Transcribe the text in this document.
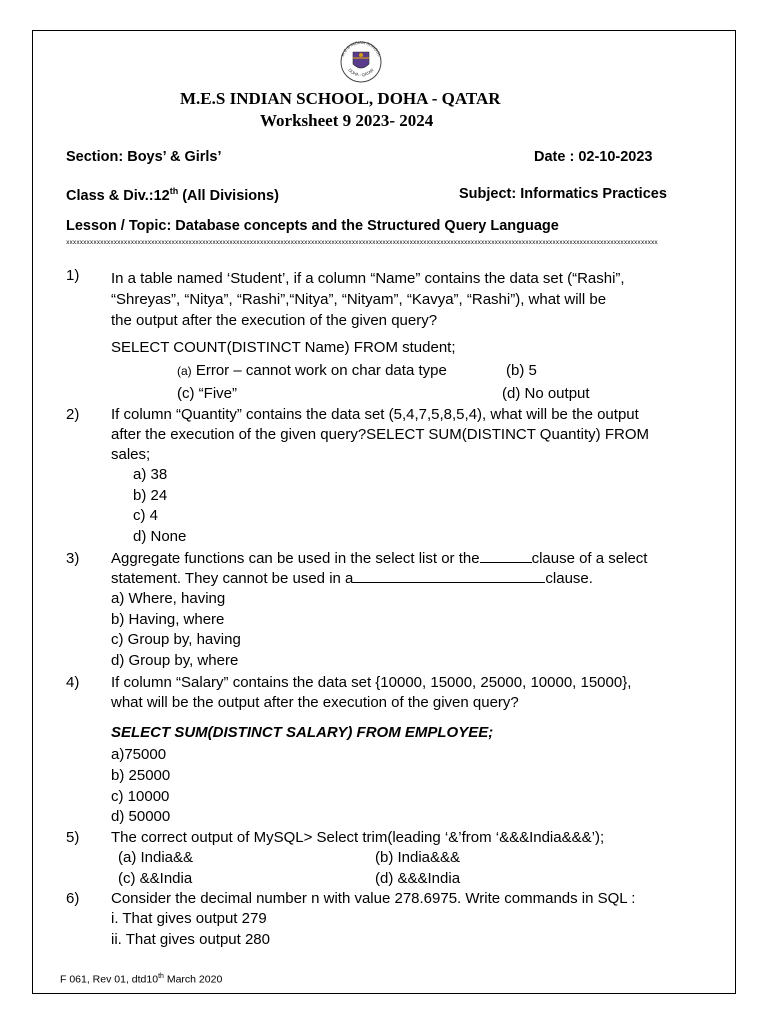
M.E.S INDIAN SCHOOL
DOHA - QATAR
M.E.S INDIAN SCHOOL, DOHA - QATAR
Worksheet 9 2023- 2024
Section: Boys’ & Girls’	Date : 02-10-2023
Class & Div.:12th (All Divisions)	Subject: Informatics Practices
Lesson / Topic: Database concepts and the Structured Query Language
xxxxxxxxxxxxxxxxxxxxxxxxxxxxxxxxxxxxxxxxxxxxxxxxxxxxxxxxxxxxxxxxxxxxxxxxxxxxxxxxxxxxxxxxxxxxxxxxxxxxxxxxxxxxxxxxxxxxxxxxxxxxxxxxxxxxxxxxxxxxxxxxxxxxxxxxxxxxxxxxxxxxxxxxxxxxxx
1) In a table named ‘Student’, if a column “Name” contains the data set (“Rashi”,
“Shreyas”, “Nitya”, “Rashi”,“Nitya”, “Nityam”, “Kavya”, “Rashi”), what will be
the output after the execution of the given query?
SELECT COUNT(DISTINCT Name) FROM student;
(a) Error – cannot work on char data type	(b) 5
(c) “Five”	(d) No output
2) If column “Quantity” contains the data set (5,4,7,5,8,5,4), what will be the output
after the execution of the given query?SELECT SUM(DISTINCT Quantity) FROM
sales;
a) 38
b) 24
c) 4
d) None
3) Aggregate functions can be used in the select list or the	clause of a select
statement. They cannot be used in a	clause.
a) Where, having
b) Having, where
c) Group by, having
d) Group by, where
4) If column “Salary” contains the data set {10000, 15000, 25000, 10000, 15000},
what will be the output after the execution of the given query?
SELECT SUM(DISTINCT SALARY) FROM EMPLOYEE;
a)75000
b) 25000
c) 10000
d) 50000
5) The correct output of MySQL> Select trim(leading ‘&’from ‘&&&India&&&’);
(a) India&&	(b) India&&&
(c) &&India	(d) &&&India
6) Consider the decimal number n with value 278.6975. Write commands in SQL :
i. That gives output 279
ii. That gives output 280
F 061, Rev 01, dtd10th March 2020
